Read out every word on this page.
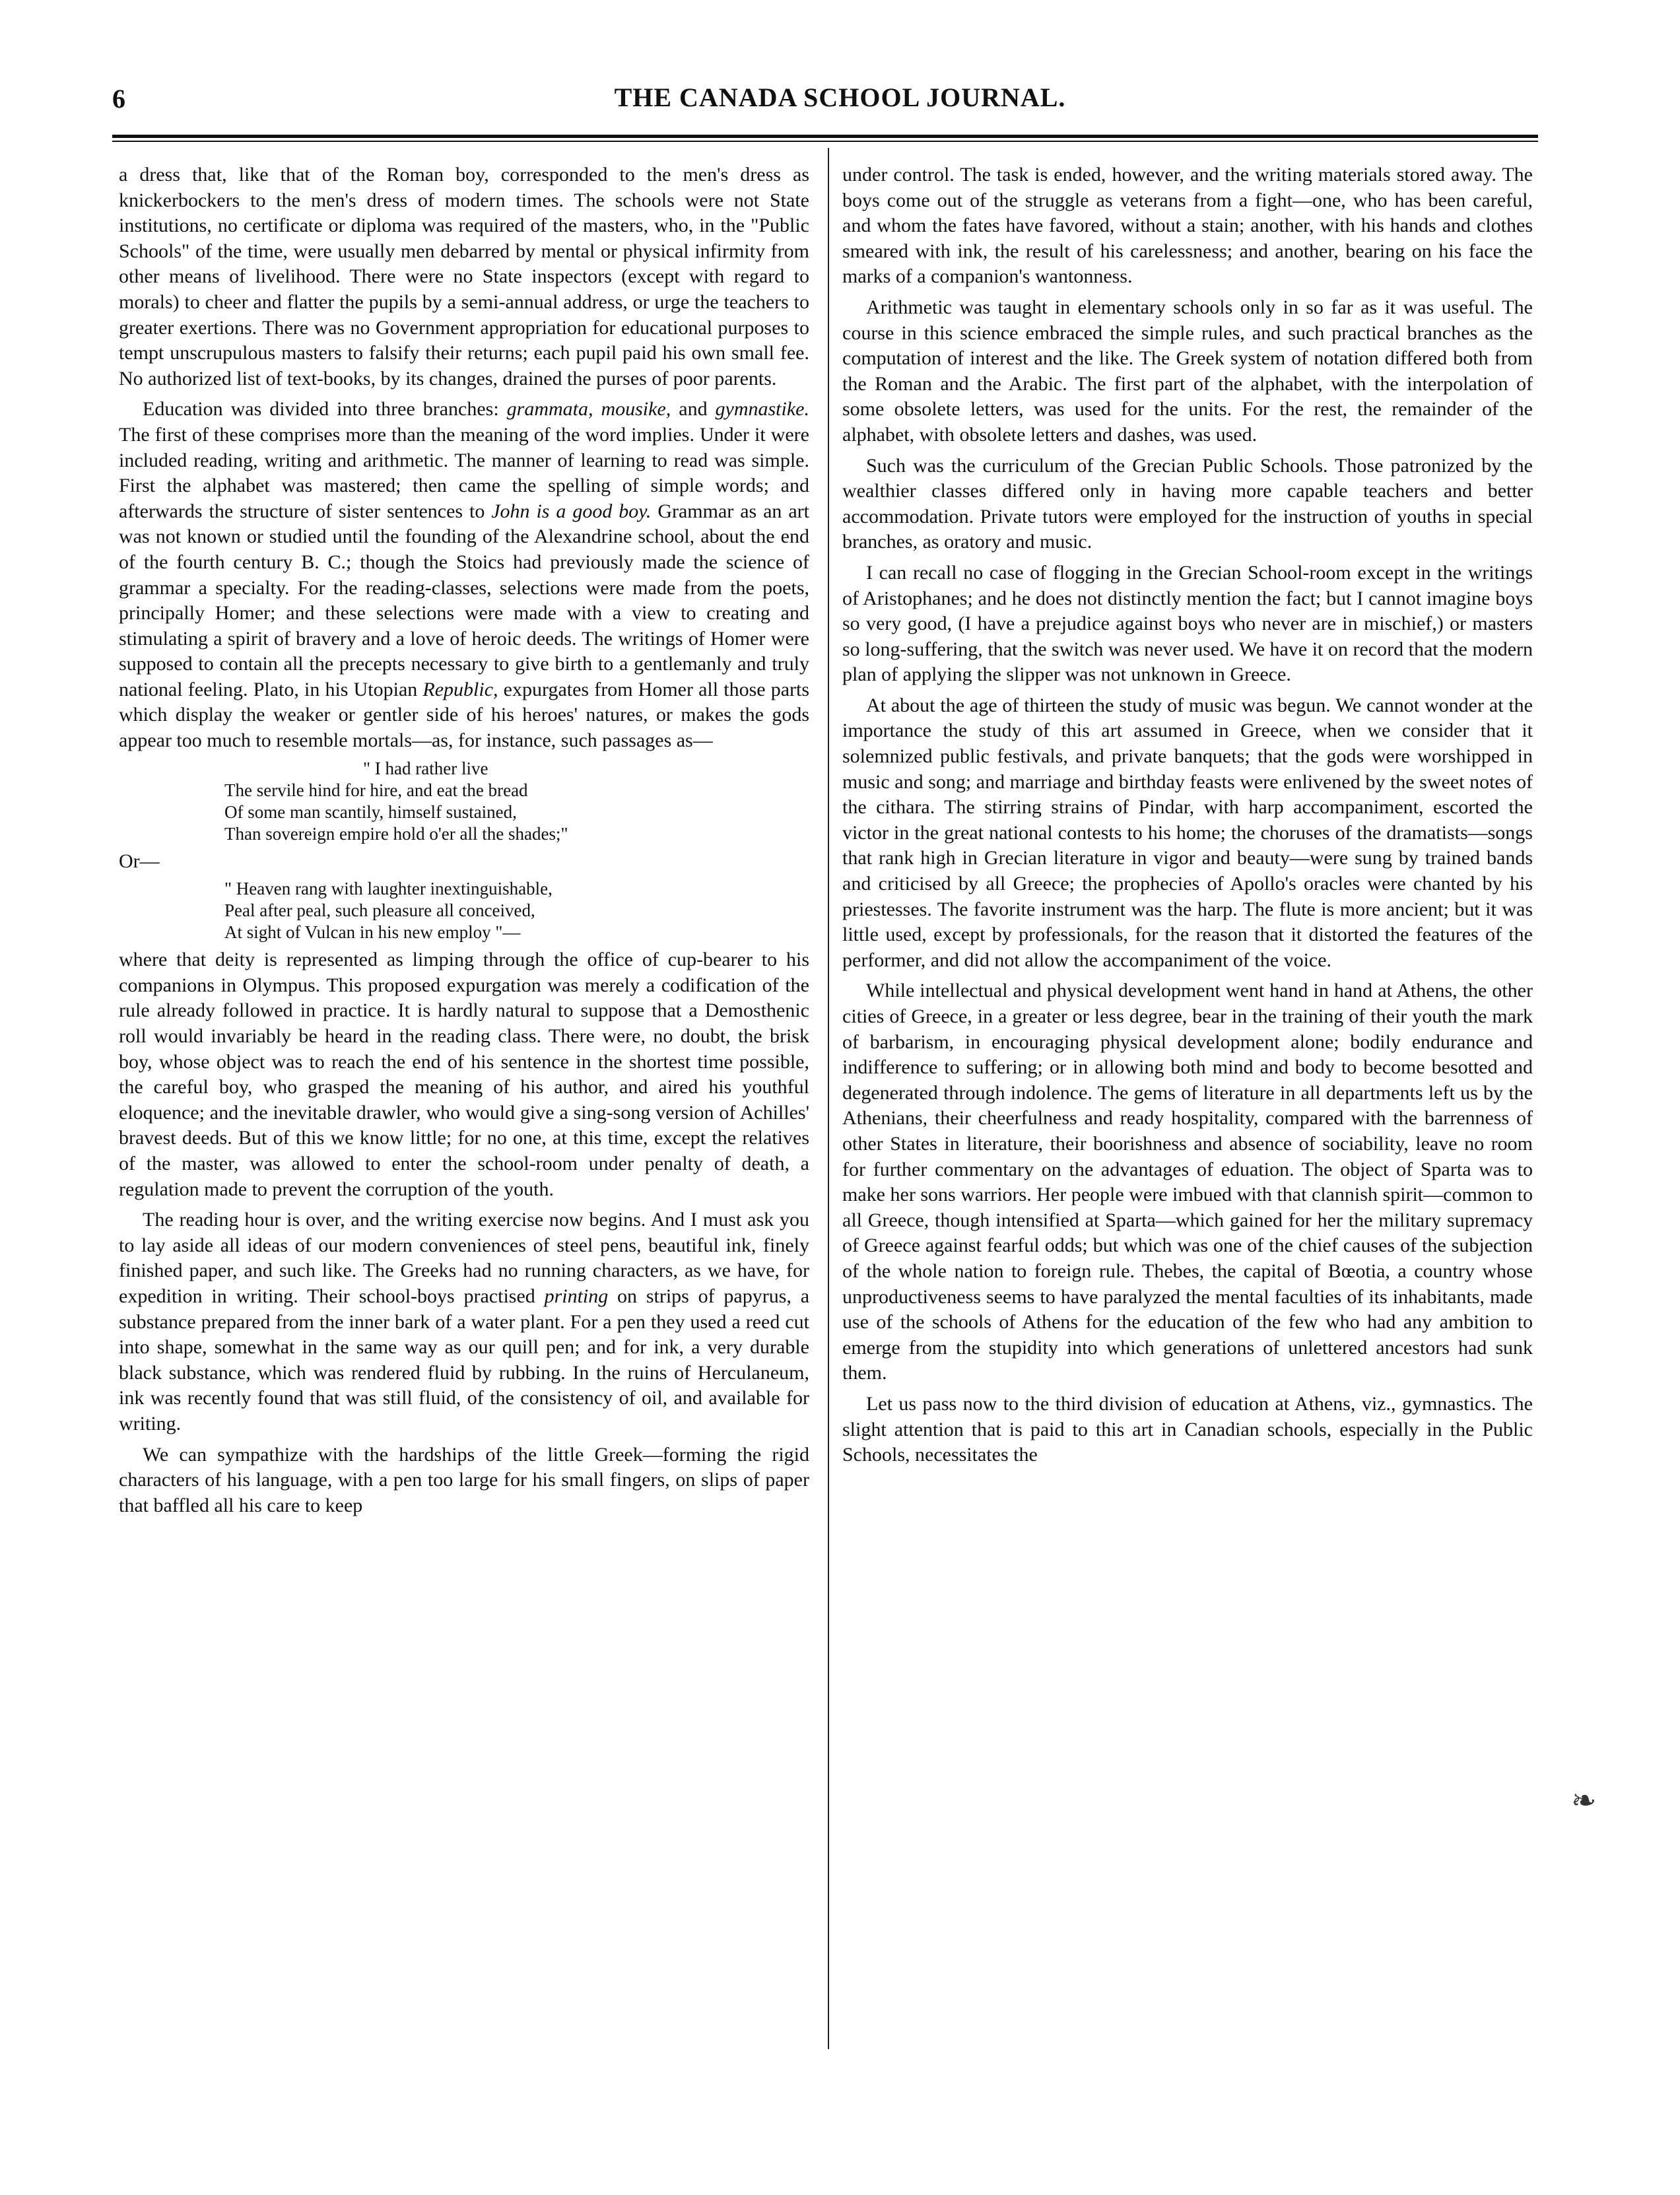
6	THE CANADA SCHOOL JOURNAL.

a dress that, like that of the Roman boy, corresponded to the men's dress as knickerbockers to the men's dress of modern times. The schools were not State institutions, no certificate or diploma was required of the masters, who, in the "Public Schools" of the time, were usually men debarred by mental or physical infirmity from other means of livelihood. There were no State inspectors (except with regard to morals) to cheer and flatter the pupils by a semi-annual address, or urge the teachers to greater exertions. There was no Government appropriation for educational purposes to tempt unscrupulous masters to falsify their returns; each pupil paid his own small fee. No authorized list of text-books, by its changes, drained the purses of poor parents.

Education was divided into three branches: grammata, mousike, and gymnastike. The first of these comprises more than the meaning of the word implies. Under it were included reading, writing and arithmetic. The manner of learning to read was simple. First the alphabet was mastered; then came the spelling of simple words; and afterwards the structure of sister sentences to John is a good boy. Grammar as an art was not known or studied until the founding of the Alexandrine school, about the end of the fourth century B. C.; though the Stoics had previously made the science of grammar a specialty. For the reading-classes, selections were made from the poets, principally Homer; and these selections were made with a view to creating and stimulating a spirit of bravery and a love of heroic deeds. The writings of Homer were supposed to contain all the precepts necessary to give birth to a gentlemanly and truly national feeling. Plato, in his Utopian Republic, expurgates from Homer all those parts which display the weaker or gentler side of his heroes' natures, or makes the gods appear too much to resemble mortals—as, for instance, such passages as—

" I had rather live
The servile hind for hire, and eat the bread
Of some man scantily, himself sustained,
Than sovereign empire hold o'er all the shades;"
Or—
" Heaven rang with laughter inextinguishable,
Peal after peal, such pleasure all conceived,
At sight of Vulcan in his new employ "—

where that deity is represented as limping through the office of cup-bearer to his companions in Olympus. This proposed expurgation was merely a codification of the rule already followed in practice. It is hardly natural to suppose that a Demosthenic roll would invariably be heard in the reading class. There were, no doubt, the brisk boy, whose object was to reach the end of his sentence in the shortest time possible, the careful boy, who grasped the meaning of his author, and aired his youthful eloquence; and the inevitable drawler, who would give a sing-song version of Achilles' bravest deeds. But of this we know little; for no one, at this time, except the relatives of the master, was allowed to enter the school-room under penalty of death, a regulation made to prevent the corruption of the youth.

The reading hour is over, and the writing exercise now begins. And I must ask you to lay aside all ideas of our modern conveniences of steel pens, beautiful ink, finely finished paper, and such like. The Greeks had no running characters, as we have, for expedition in writing. Their school-boys practised printing on strips of papyrus, a substance prepared from the inner bark of a water plant. For a pen they used a reed cut into shape, somewhat in the same way as our quill pen; and for ink, a very durable black substance, which was rendered fluid by rubbing. In the ruins of Herculaneum, ink was recently found that was still fluid, of the consistency of oil, and available for writing.

We can sympathize with the hardships of the little Greek—forming the rigid characters of his language, with a pen too large for his small fingers, on slips of paper that baffled all his care to keep

under control. The task is ended, however, and the writing materials stored away. The boys come out of the struggle as veterans from a fight—one, who has been careful, and whom the fates have favored, without a stain; another, with his hands and clothes smeared with ink, the result of his carelessness; and another, bearing on his face the marks of a companion's wantonness.

Arithmetic was taught in elementary schools only in so far as it was useful. The course in this science embraced the simple rules, and such practical branches as the computation of interest and the like. The Greek system of notation differed both from the Roman and the Arabic. The first part of the alphabet, with the interpolation of some obsolete letters, was used for the units. For the rest, the remainder of the alphabet, with obsolete letters and dashes, was used.

Such was the curriculum of the Grecian Public Schools. Those patronized by the wealthier classes differed only in having more capable teachers and better accommodation. Private tutors were employed for the instruction of youths in special branches, as oratory and music.

I can recall no case of flogging in the Grecian School-room except in the writings of Aristophanes; and he does not distinctly mention the fact; but I cannot imagine boys so very good, (I have a prejudice against boys who never are in mischief,) or masters so long-suffering, that the switch was never used. We have it on record that the modern plan of applying the slipper was not unknown in Greece.

At about the age of thirteen the study of music was begun. We cannot wonder at the importance the study of this art assumed in Greece, when we consider that it solemnized public festivals, and private banquets; that the gods were worshipped in music and song; and marriage and birthday feasts were enlivened by the sweet notes of the cithara. The stirring strains of Pindar, with harp accompaniment, escorted the victor in the great national contests to his home; the choruses of the dramatists—songs that rank high in Grecian literature in vigor and beauty—were sung by trained bands and criticised by all Greece; the prophecies of Apollo's oracles were chanted by his priestesses. The favorite instrument was the harp. The flute is more ancient; but it was little used, except by professionals, for the reason that it distorted the features of the performer, and did not allow the accompaniment of the voice.

While intellectual and physical development went hand in hand at Athens, the other cities of Greece, in a greater or less degree, bear in the training of their youth the mark of barbarism, in encouraging physical development alone; bodily endurance and indifference to suffering; or in allowing both mind and body to become besotted and degenerated through indolence. The gems of literature in all departments left us by the Athenians, their cheerfulness and ready hospitality, compared with the barrenness of other States in literature, their boorishness and absence of sociability, leave no room for further commentary on the advantages of eduation. The object of Sparta was to make her sons warriors. Her people were imbued with that clannish spirit—common to all Greece, though intensified at Sparta—which gained for her the military supremacy of Greece against fearful odds; but which was one of the chief causes of the subjection of the whole nation to foreign rule. Thebes, the capital of Bœotia, a country whose unproductiveness seems to have paralyzed the mental faculties of its inhabitants, made use of the schools of Athens for the education of the few who had any ambition to emerge from the stupidity into which generations of unlettered ancestors had sunk them.

Let us pass now to the third division of education at Athens, viz., gymnastics. The slight attention that is paid to this art in Canadian schools, especially in the Public Schools, necessitates the

❧
